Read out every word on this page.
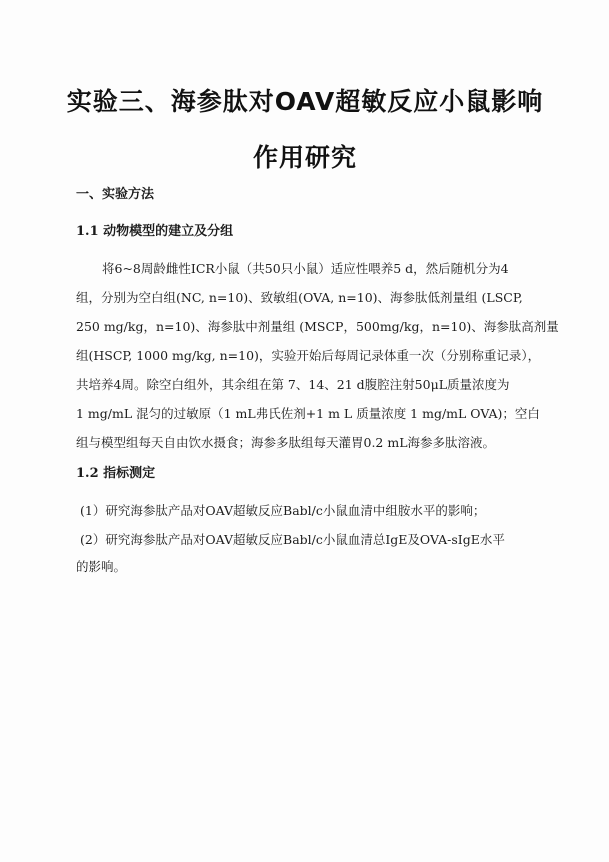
实验三、海参肽对OAV超敏反应小鼠影响
作用研究
一、实验方法
1.1 动物模型的建立及分组
将6~8周龄雌性ICR小鼠（共50只小鼠）适应性喂养5 d，然后随机分为4
组，分别为空白组(NC, n=10)、致敏组(OVA, n=10)、海参肽低剂量组 (LSCP,
250 mg/kg，n=10)、海参肽中剂量组 (MSCP，500mg/kg，n=10)、海参肽高剂量
组(HSCP, 1000 mg/kg, n=10)，实验开始后每周记录体重一次（分别称重记录），
共培养4周。除空白组外，其余组在第 7、14、21 d腹腔注射50μL质量浓度为
1 mg/mL 混匀的过敏原（1 mL弗氏佐剂+1 m L 质量浓度 1 mg/mL OVA)；空白
组与模型组每天自由饮水摄食；海参多肽组每天灌胃0.2 mL海参多肽溶液。
1.2 指标测定
(1）研究海参肽产品对OAV超敏反应Babl/c小鼠血清中组胺水平的影响；
(2）研究海参肽产品对OAV超敏反应Babl/c小鼠血清总IgE及OVA-sIgE水平
的影响。
